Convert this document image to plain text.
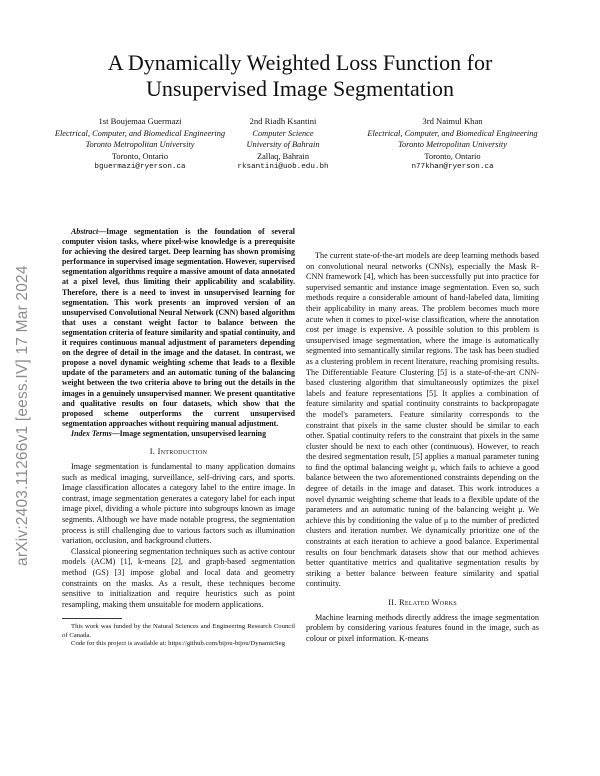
A Dynamically Weighted Loss Function for Unsupervised Image Segmentation
1st Boujemaa Guermazi
Electrical, Computer, and Biomedical Engineering
Toronto Metropolitan University
Toronto, Ontario
bguermazi@ryerson.ca
2nd Riadh Ksantini
Computer Science
University of Bahrain
Zallaq, Bahrain
rksantini@uob.edu.bh
3rd Naimul Khan
Electrical, Computer, and Biomedical Engineering
Toronto Metropolitan University
Toronto, Ontario
n77khan@ryerson.ca
arXiv:2403.11266v1 [eess.IV] 17 Mar 2024

Abstract—Image segmentation is the foundation of several computer vision tasks, where pixel-wise knowledge is a prerequisite for achieving the desired target. Deep learning has shown promising performance in supervised image segmentation. However, supervised segmentation algorithms require a massive amount of data annotated at a pixel level, thus limiting their applicability and scalability. Therefore, there is a need to invest in unsupervised learning for segmentation. This work presents an improved version of an unsupervised Convolutional Neural Network (CNN) based algorithm that uses a constant weight factor to balance between the segmentation criteria of feature similarity and spatial continuity, and it requires continuous manual adjustment of parameters depending on the degree of detail in the image and the dataset. In contrast, we propose a novel dynamic weighting scheme that leads to a flexible update of the parameters and an automatic tuning of the balancing weight between the two criteria above to bring out the details in the images in a genuinely unsupervised manner. We present quantitative and qualitative results on four datasets, which show that the proposed scheme outperforms the current unsupervised segmentation approaches without requiring manual adjustment.

Index Terms—Image segmentation, unsupervised learning

I. Introduction

Image segmentation is fundamental to many application domains such as medical imaging, surveillance, self-driving cars, and sports. Image classification allocates a category label to the entire image. In contrast, image segmentation generates a category label for each input image pixel, dividing a whole picture into subgroups known as image segments. Although we have made notable progress, the segmentation process is still challenging due to various factors such as illumination variation, occlusion, and background clutters.

Classical pioneering segmentation techniques such as active contour models (ACM) [1], k-means [2], and graph-based segmentation method (GS) [3] impose global and local data and geometry constraints on the masks. As a result, these techniques become sensitive to initialization and require heuristics such as point resampling, making them unsuitable for modern applications.

This work was funded by the Natural Sciences and Engineering Research Council of Canada.

Code for this project is available at: https://github.com/bijou-bijou/DynamicSeg

The current state-of-the-art models are deep learning methods based on convolutional neural networks (CNNs), especially the Mask R-CNN framework [4], which has been successfully put into practice for supervised semantic and instance image segmentation. Even so, such methods require a considerable amount of hand-labeled data, limiting their applicability in many areas. The problem becomes much more acute when it comes to pixel-wise classification, where the annotation cost per image is expensive. A possible solution to this problem is unsupervised image segmentation, where the image is automatically segmented into semantically similar regions. The task has been studied as a clustering problem in recent literature, reaching promising results. The Differentiable Feature Clustering [5] is a state-of-the-art CNN-based clustering algorithm that simultaneously optimizes the pixel labels and feature representations [5]. It applies a combination of feature similarity and spatial continuity constraints to backpropagate the model's parameters. Feature similarity corresponds to the constraint that pixels in the same cluster should be similar to each other. Spatial continuity refers to the constraint that pixels in the same cluster should be next to each other (continuous). However, to reach the desired segmentation result, [5] applies a manual parameter tuning to find the optimal balancing weight μ, which fails to achieve a good balance between the two aforementioned constraints depending on the degree of details in the image and dataset. This work introduces a novel dynamic weighting scheme that leads to a flexible update of the parameters and an automatic tuning of the balancing weight μ. We achieve this by conditioning the value of μ to the number of predicted clusters and iteration number. We dynamically prioritize one of the constraints at each iteration to achieve a good balance. Experimental results on four benchmark datasets show that our method achieves better quantitative metrics and qualitative segmentation results by striking a better balance between feature similarity and spatial continuity.

II. Related Works

Machine learning methods directly address the image segmentation problem by considering various features found in the image, such as colour or pixel information. K-means
